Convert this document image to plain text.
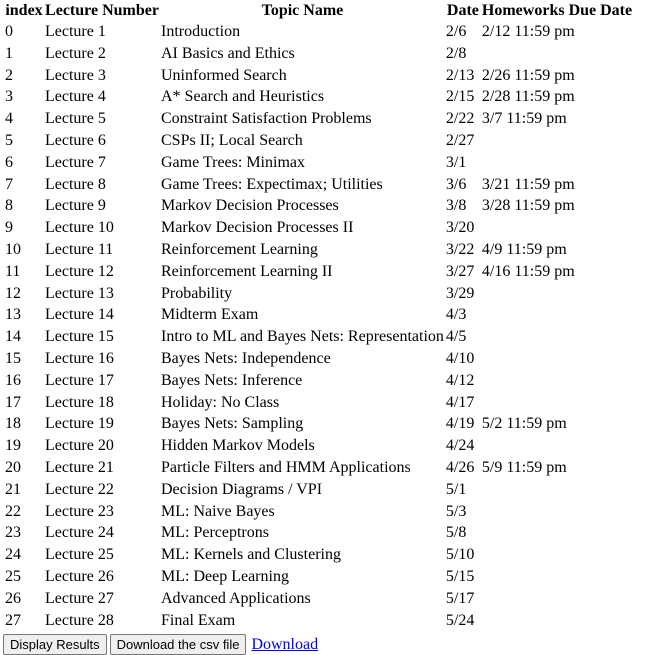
index	Lecture Number	Topic Name	Date	Homeworks Due Date
0	Lecture 1	Introduction	2/6	2/12 11:59 pm
1	Lecture 2	AI Basics and Ethics	2/8	
2	Lecture 3	Uninformed Search	2/13	2/26 11:59 pm
3	Lecture 4	A* Search and Heuristics	2/15	2/28 11:59 pm
4	Lecture 5	Constraint Satisfaction Problems	2/22	3/7 11:59 pm
5	Lecture 6	CSPs II; Local Search	2/27	
6	Lecture 7	Game Trees: Minimax	3/1	
7	Lecture 8	Game Trees: Expectimax; Utilities	3/6	3/21 11:59 pm
8	Lecture 9	Markov Decision Processes	3/8	3/28 11:59 pm
9	Lecture 10	Markov Decision Processes II	3/20	
10	Lecture 11	Reinforcement Learning	3/22	4/9 11:59 pm
11	Lecture 12	Reinforcement Learning II	3/27	4/16 11:59 pm
12	Lecture 13	Probability	3/29	
13	Lecture 14	Midterm Exam	4/3	
14	Lecture 15	Intro to ML and Bayes Nets: Representation	4/5	
15	Lecture 16	Bayes Nets: Independence	4/10	
16	Lecture 17	Bayes Nets: Inference	4/12	
17	Lecture 18	Holiday: No Class	4/17	
18	Lecture 19	Bayes Nets: Sampling	4/19	5/2 11:59 pm
19	Lecture 20	Hidden Markov Models	4/24	
20	Lecture 21	Particle Filters and HMM Applications	4/26	5/9 11:59 pm
21	Lecture 22	Decision Diagrams / VPI	5/1	
22	Lecture 23	ML: Naive Bayes	5/3	
23	Lecture 24	ML: Perceptrons	5/8	
24	Lecture 25	ML: Kernels and Clustering	5/10	
25	Lecture 26	ML: Deep Learning	5/15	
26	Lecture 27	Advanced Applications	5/17	
27	Lecture 28	Final Exam	5/24	
Display Results	Download the csv file Download
